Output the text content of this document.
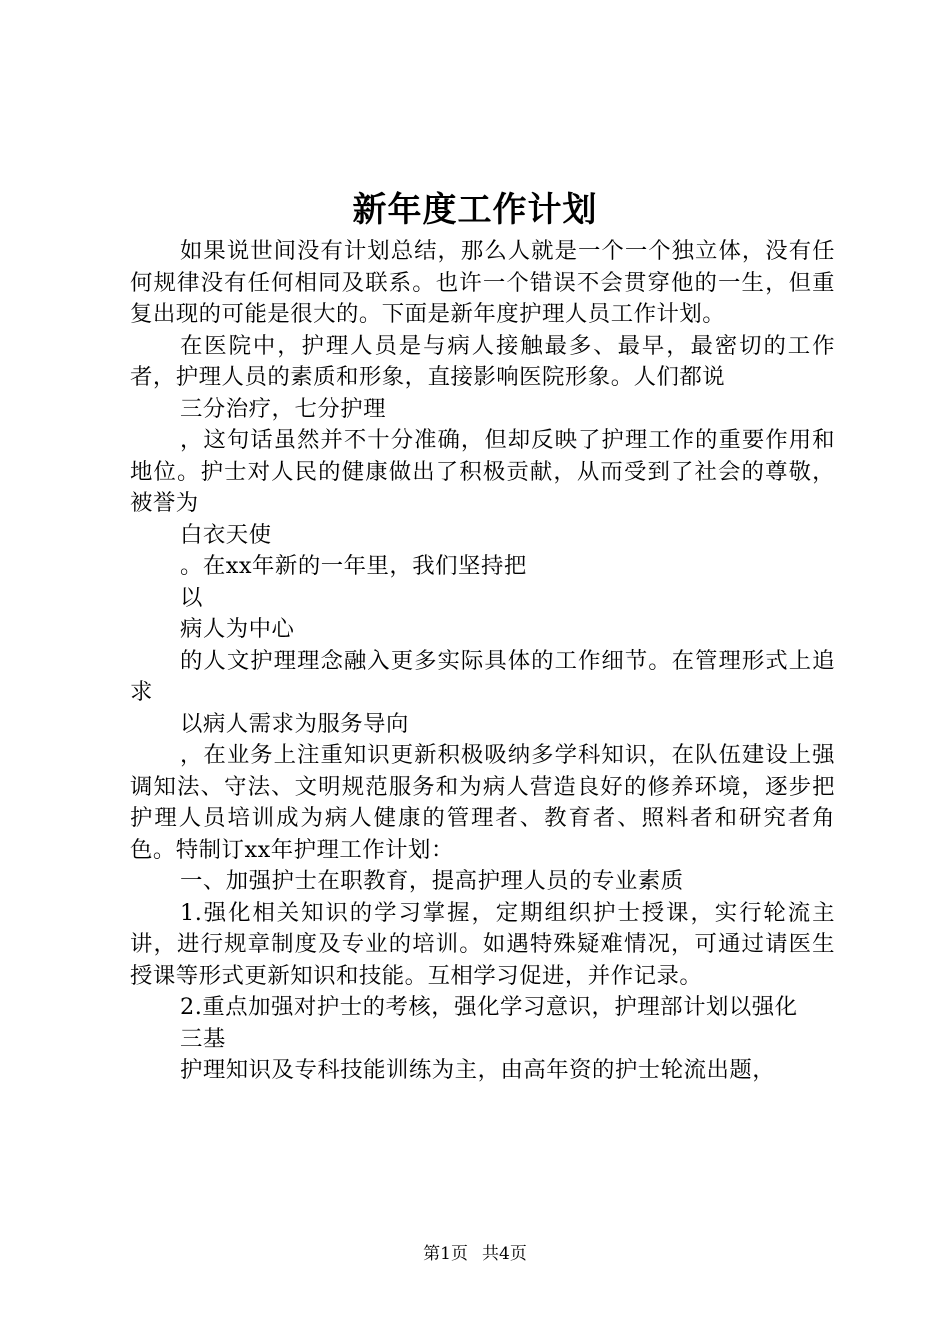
新年度工作计划

如果说世间没有计划总结，那么人就是一个一个独立体，没有任何规律没有任何相同及联系。也许一个错误不会贯穿他的一生，但重复出现的可能是很大的。下面是新年度护理人员工作计划。

在医院中，护理人员是与病人接触最多、最早，最密切的工作者，护理人员的素质和形象，直接影响医院形象。人们都说

三分治疗，七分护理

，这句话虽然并不十分准确，但却反映了护理工作的重要作用和地位。护士对人民的健康做出了积极贡献，从而受到了社会的尊敬，被誉为

白衣天使

。在xx年新的一年里，我们坚持把

以

病人为中心

的人文护理理念融入更多实际具体的工作细节。在管理形式上追求

以病人需求为服务导向

，在业务上注重知识更新积极吸纳多学科知识，在队伍建设上强调知法、守法、文明规范服务和为病人营造良好的修养环境，逐步把护理人员培训成为病人健康的管理者、教育者、照料者和研究者角色。特制订xx年护理工作计划：

一、加强护士在职教育，提高护理人员的专业素质

1.强化相关知识的学习掌握，定期组织护士授课，实行轮流主讲，进行规章制度及专业的培训。如遇特殊疑难情况，可通过请医生授课等形式更新知识和技能。互相学习促进，并作记录。

2.重点加强对护士的考核，强化学习意识，护理部计划以强化

三基

护理知识及专科技能训练为主，由高年资的护士轮流出题，

第1页 共4页
